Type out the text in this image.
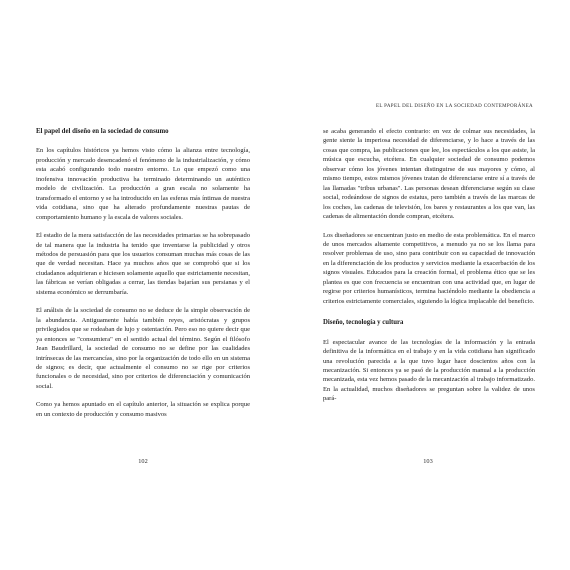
El papel del diseño en la sociedad de consumo

En los capítulos históricos ya hemos visto cómo la alianza entre tecnología, producción y mercado desencadenó el fenómeno de la industrialización, y cómo esta acabó configurando todo nuestro entorno. Lo que empezó como una inofensiva innovación productiva ha terminado determinando un auténtico modelo de civilización. La producción a gran escala no solamente ha transformado el entorno y se ha introducido en las esferas más íntimas de nuestra vida cotidiana, sino que ha alterado profundamente nuestras pautas de comportamiento humano y la escala de valores sociales.

El estadio de la mera satisfacción de las necesidades primarias se ha sobrepasado de tal manera que la industria ha tenido que inventarse la publicidad y otros métodos de persuasión para que los usuarios consuman muchas más cosas de las que de verdad necesitan. Hace ya muchos años que se comprobó que si los ciudadanos adquirieran e hiciesen solamente aquello que estrictamente necesitan, las fábricas se verían obligadas a cerrar, las tiendas bajarían sus persianas y el sistema económico se derrumbaría.

El análisis de la sociedad de consumo no se deduce de la simple observación de la abundancia. Antiguamente había también reyes, aristócratas y grupos privilegiados que se rodeaban de lujo y ostentación. Pero eso no quiere decir que ya entonces se "consumiera" en el sentido actual del término. Según el filósofo Jean Baudrillard, la sociedad de consumo no se define por las cualidades intrínsecas de las mercancías, sino por la organización de todo ello en un sistema de signos; es decir, que actualmente el consumo no se rige por criterios funcionales o de necesidad, sino por criterios de diferenciación y comunicación social.

Como ya hemos apuntado en el capítulo anterior, la situación se explica porque en un contexto de producción y consumo masivos

102
EL PAPEL DEL DISEÑO EN LA SOCIEDAD CONTEMPORÁNEA

se acaba generando el efecto contrario: en vez de colmar sus necesidades, la gente siente la imperiosa necesidad de diferenciarse, y lo hace a través de las cosas que compra, las publicaciones que lee, los espectáculos a los que asiste, la música que escucha, etcétera. En cualquier sociedad de consumo podemos observar cómo los jóvenes intentan distinguirse de sus mayores y cómo, al mismo tiempo, estos mismos jóvenes tratan de diferenciarse entre sí a través de las llamadas "tribus urbanas". Las personas desean diferenciarse según su clase social, rodeándose de signos de estatus, pero también a través de las marcas de los coches, las cadenas de televisión, los bares y restaurantes a los que van, las cadenas de alimentación donde compran, etcétera.

Los diseñadores se encuentran justo en medio de esta problemática. En el marco de unos mercados altamente competitivos, a menudo ya no se los llama para resolver problemas de uso, sino para contribuir con su capacidad de innovación en la diferenciación de los productos y servicios mediante la exacerbación de los signos visuales. Educados para la creación formal, el problema ético que se les plantea es que con frecuencia se encuentran con una actividad que, en lugar de regirse por criterios humanísticos, termina haciéndolo mediante la obediencia a criterios estrictamente comerciales, siguiendo la lógica implacable del beneficio.

Diseño, tecnología y cultura

El espectacular avance de las tecnologías de la información y la entrada definitiva de la informática en el trabajo y en la vida cotidiana han significado una revolución parecida a la que tuvo lugar hace doscientos años con la mecanización. Si entonces ya se pasó de la producción manual a la producción mecanizada, esta vez hemos pasado de la mecanización al trabajo informatizado. En la actualidad, muchos diseñadores se preguntan sobre la validez de unos pará-

103
